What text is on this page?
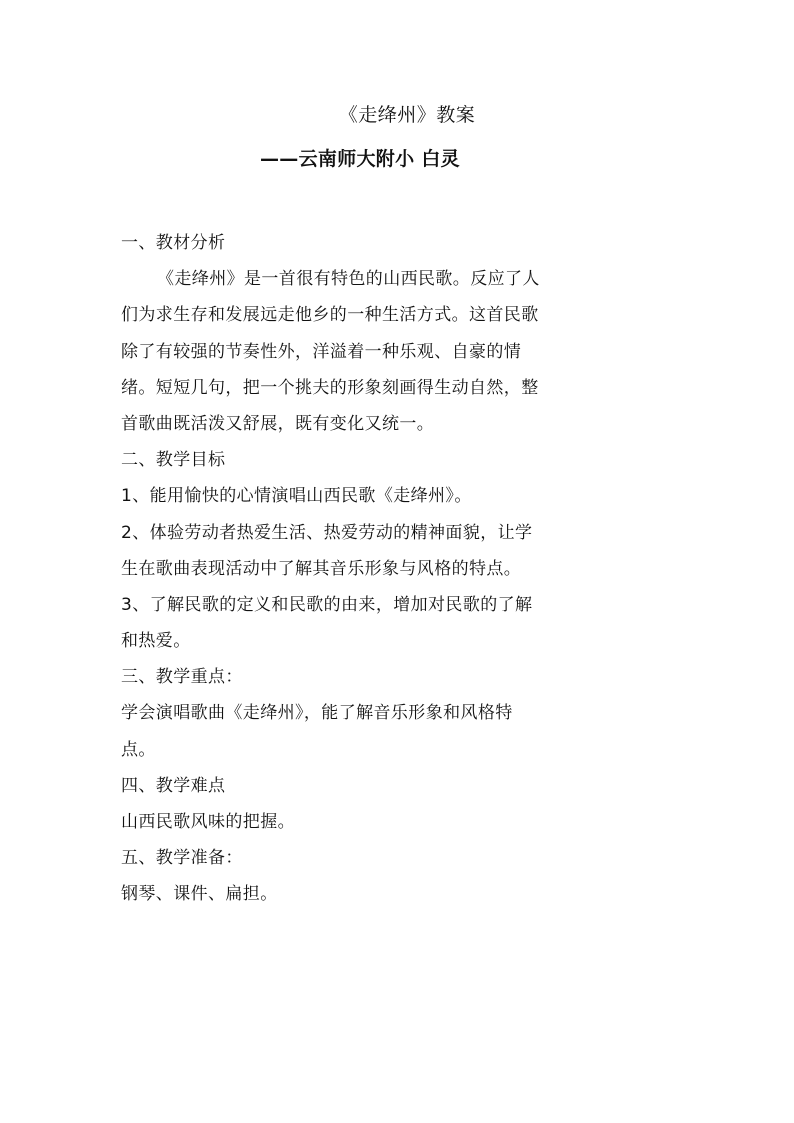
《走绛州》教案
——云南师大附小 白灵
一、教材分析
《走绛州》是一首很有特色的山西民歌。反应了人
们为求生存和发展远走他乡的一种生活方式。这首民歌
除了有较强的节奏性外，洋溢着一种乐观、自豪的情
绪。短短几句，把一个挑夫的形象刻画得生动自然，整
首歌曲既活泼又舒展，既有变化又统一。
二、教学目标
1、能用愉快的心情演唱山西民歌《走绛州》。
2、体验劳动者热爱生活、热爱劳动的精神面貌，让学
生在歌曲表现活动中了解其音乐形象与风格的特点。
3、了解民歌的定义和民歌的由来，增加对民歌的了解
和热爱。
三、教学重点：
学会演唱歌曲《走绛州》，能了解音乐形象和风格特
点。
四、教学难点
山西民歌风味的把握。
五、教学准备：
钢琴、课件、扁担。
